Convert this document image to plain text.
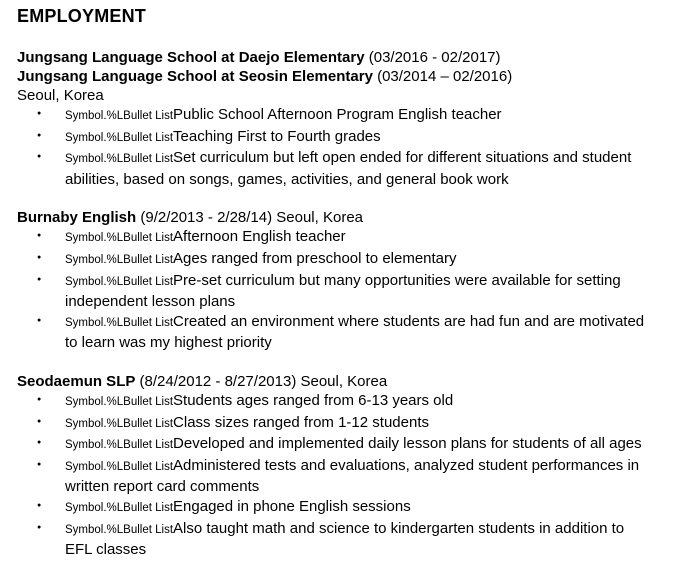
EMPLOYMENT
Jungsang Language School at Daejo Elementary (03/2016 - 02/2017)
Jungsang Language School at Seosin Elementary (03/2014 – 02/2016)
Seoul, Korea
●
Symbol.%LBullet ListPublic School Afternoon Program English teacher
●
Symbol.%LBullet ListTeaching First to Fourth grades
●
Symbol.%LBullet ListSet curriculum but left open ended for different situations and student abilities, based on songs, games, activities, and general book work
Burnaby English (9/2/2013 - 2/28/14) Seoul, Korea
●
Symbol.%LBullet ListAfternoon English teacher
●
Symbol.%LBullet ListAges ranged from preschool to elementary
●
Symbol.%LBullet ListPre-set curriculum but many opportunities were available for setting independent lesson plans
●
Symbol.%LBullet ListCreated an environment where students are had fun and are motivated to learn was my highest priority
Seodaemun SLP (8/24/2012 - 8/27/2013) Seoul, Korea
●
Symbol.%LBullet ListStudents ages ranged from 6-13 years old
●
Symbol.%LBullet ListClass sizes ranged from 1-12 students
●
Symbol.%LBullet ListDeveloped and implemented daily lesson plans for students of all ages
●
Symbol.%LBullet ListAdministered tests and evaluations, analyzed student performances in written report card comments
●
Symbol.%LBullet ListEngaged in phone English sessions
●
Symbol.%LBullet ListAlso taught math and science to kindergarten students in addition to EFL classes
